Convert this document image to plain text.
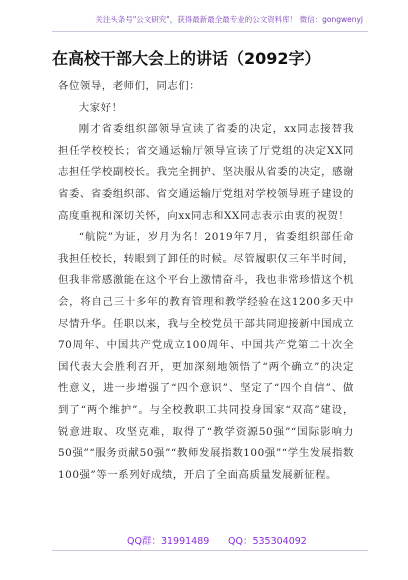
关注头条号"公文研究"，获得最新最全最专业的公文资料库！ 微信：gongwenyj
在高校干部大会上的讲话（2092字）

各位领导，老师们，同志们：

大家好！

刚才省委组织部领导宣读了省委的决定，xx同志接替我担任学校校长；省交通运输厅领导宣读了厅党组的决定XX同志担任学校副校长。我完全拥护、坚决服从省委的决定，感谢省委、省委组织部、省交通运输厅党组对学校领导班子建设的高度重视和深切关怀，向xx同志和XX同志表示由衷的祝贺！

“航院”为证，岁月为名！2019年7月，省委组织部任命我担任校长，转眼到了卸任的时候。尽管履职仅三年半时间，但我非常感激能在这个平台上激情奋斗，我也非常珍惜这个机会，将自己三十多年的教育管理和教学经验在这1200多天中尽情升华。任职以来，我与全校党员干部共同迎接新中国成立70周年、中国共产党成立100周年、中国共产党第二十次全国代表大会胜利召开，更加深刻地领悟了“两个确立”的决定性意义，进一步增强了“四个意识”、坚定了“四个自信”、做到了“两个维护”。与全校教职工共同投身国家“双高”建设，锐意进取、攻坚克难，取得了“教学资源50强”“国际影响力50强”“服务贡献50强”“教师发展指数100强”“学生发展指数100强”等一系列好成绩，开启了全面高质量发展新征程。

QQ群：31991489 QQ：535304092
